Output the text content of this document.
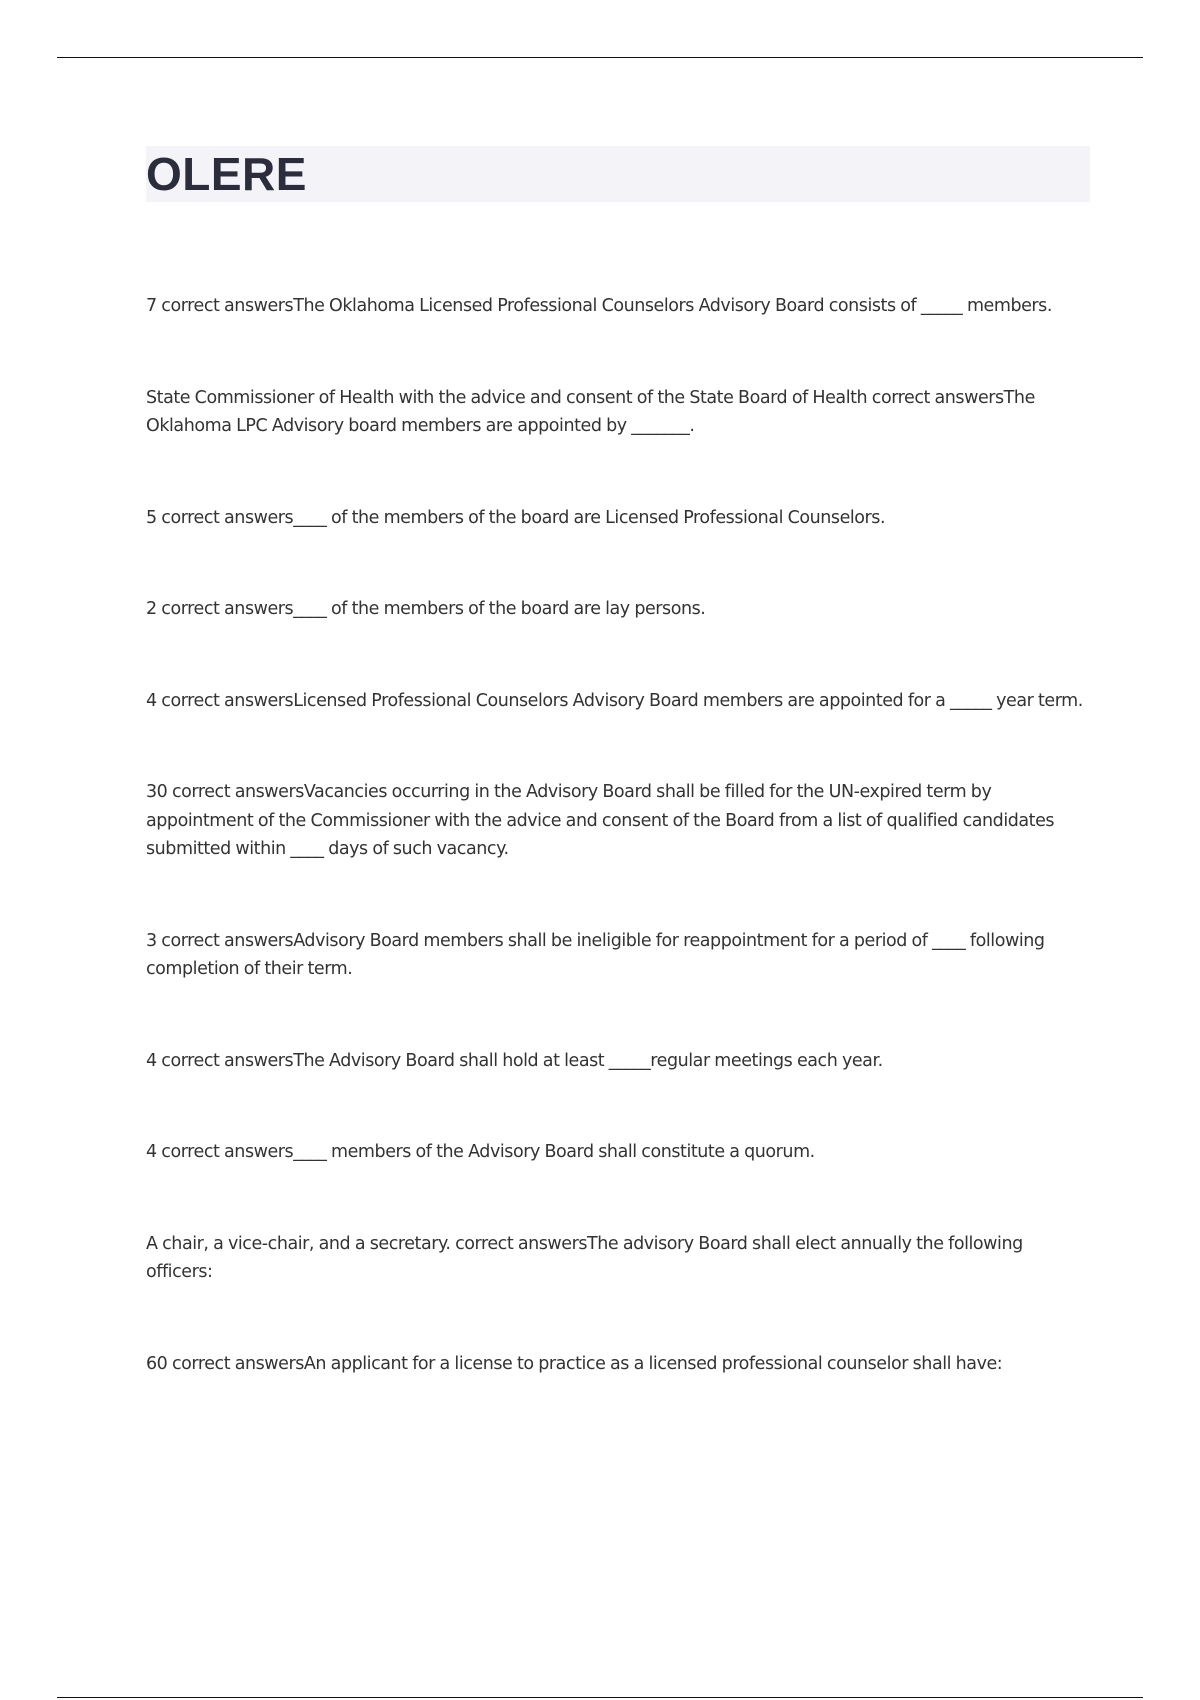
OLERE

7 correct answersThe Oklahoma Licensed Professional Counselors Advisory Board consists of _____ members.

State Commissioner of Health with the advice and consent of the State Board of Health correct answersThe Oklahoma LPC Advisory board members are appointed by _______.

5 correct answers____ of the members of the board are Licensed Professional Counselors.

2 correct answers____ of the members of the board are lay persons.

4 correct answersLicensed Professional Counselors Advisory Board members are appointed for a _____ year term.

30 correct answersVacancies occurring in the Advisory Board shall be filled for the UN-expired term by appointment of the Commissioner with the advice and consent of the Board from a list of qualified candidates submitted within ____ days of such vacancy.

3 correct answersAdvisory Board members shall be ineligible for reappointment for a period of ____ following completion of their term.

4 correct answersThe Advisory Board shall hold at least _____regular meetings each year.

4 correct answers____ members of the Advisory Board shall constitute a quorum.

A chair, a vice-chair, and a secretary. correct answersThe advisory Board shall elect annually the following officers:

60 correct answersAn applicant for a license to practice as a licensed professional counselor shall have:
